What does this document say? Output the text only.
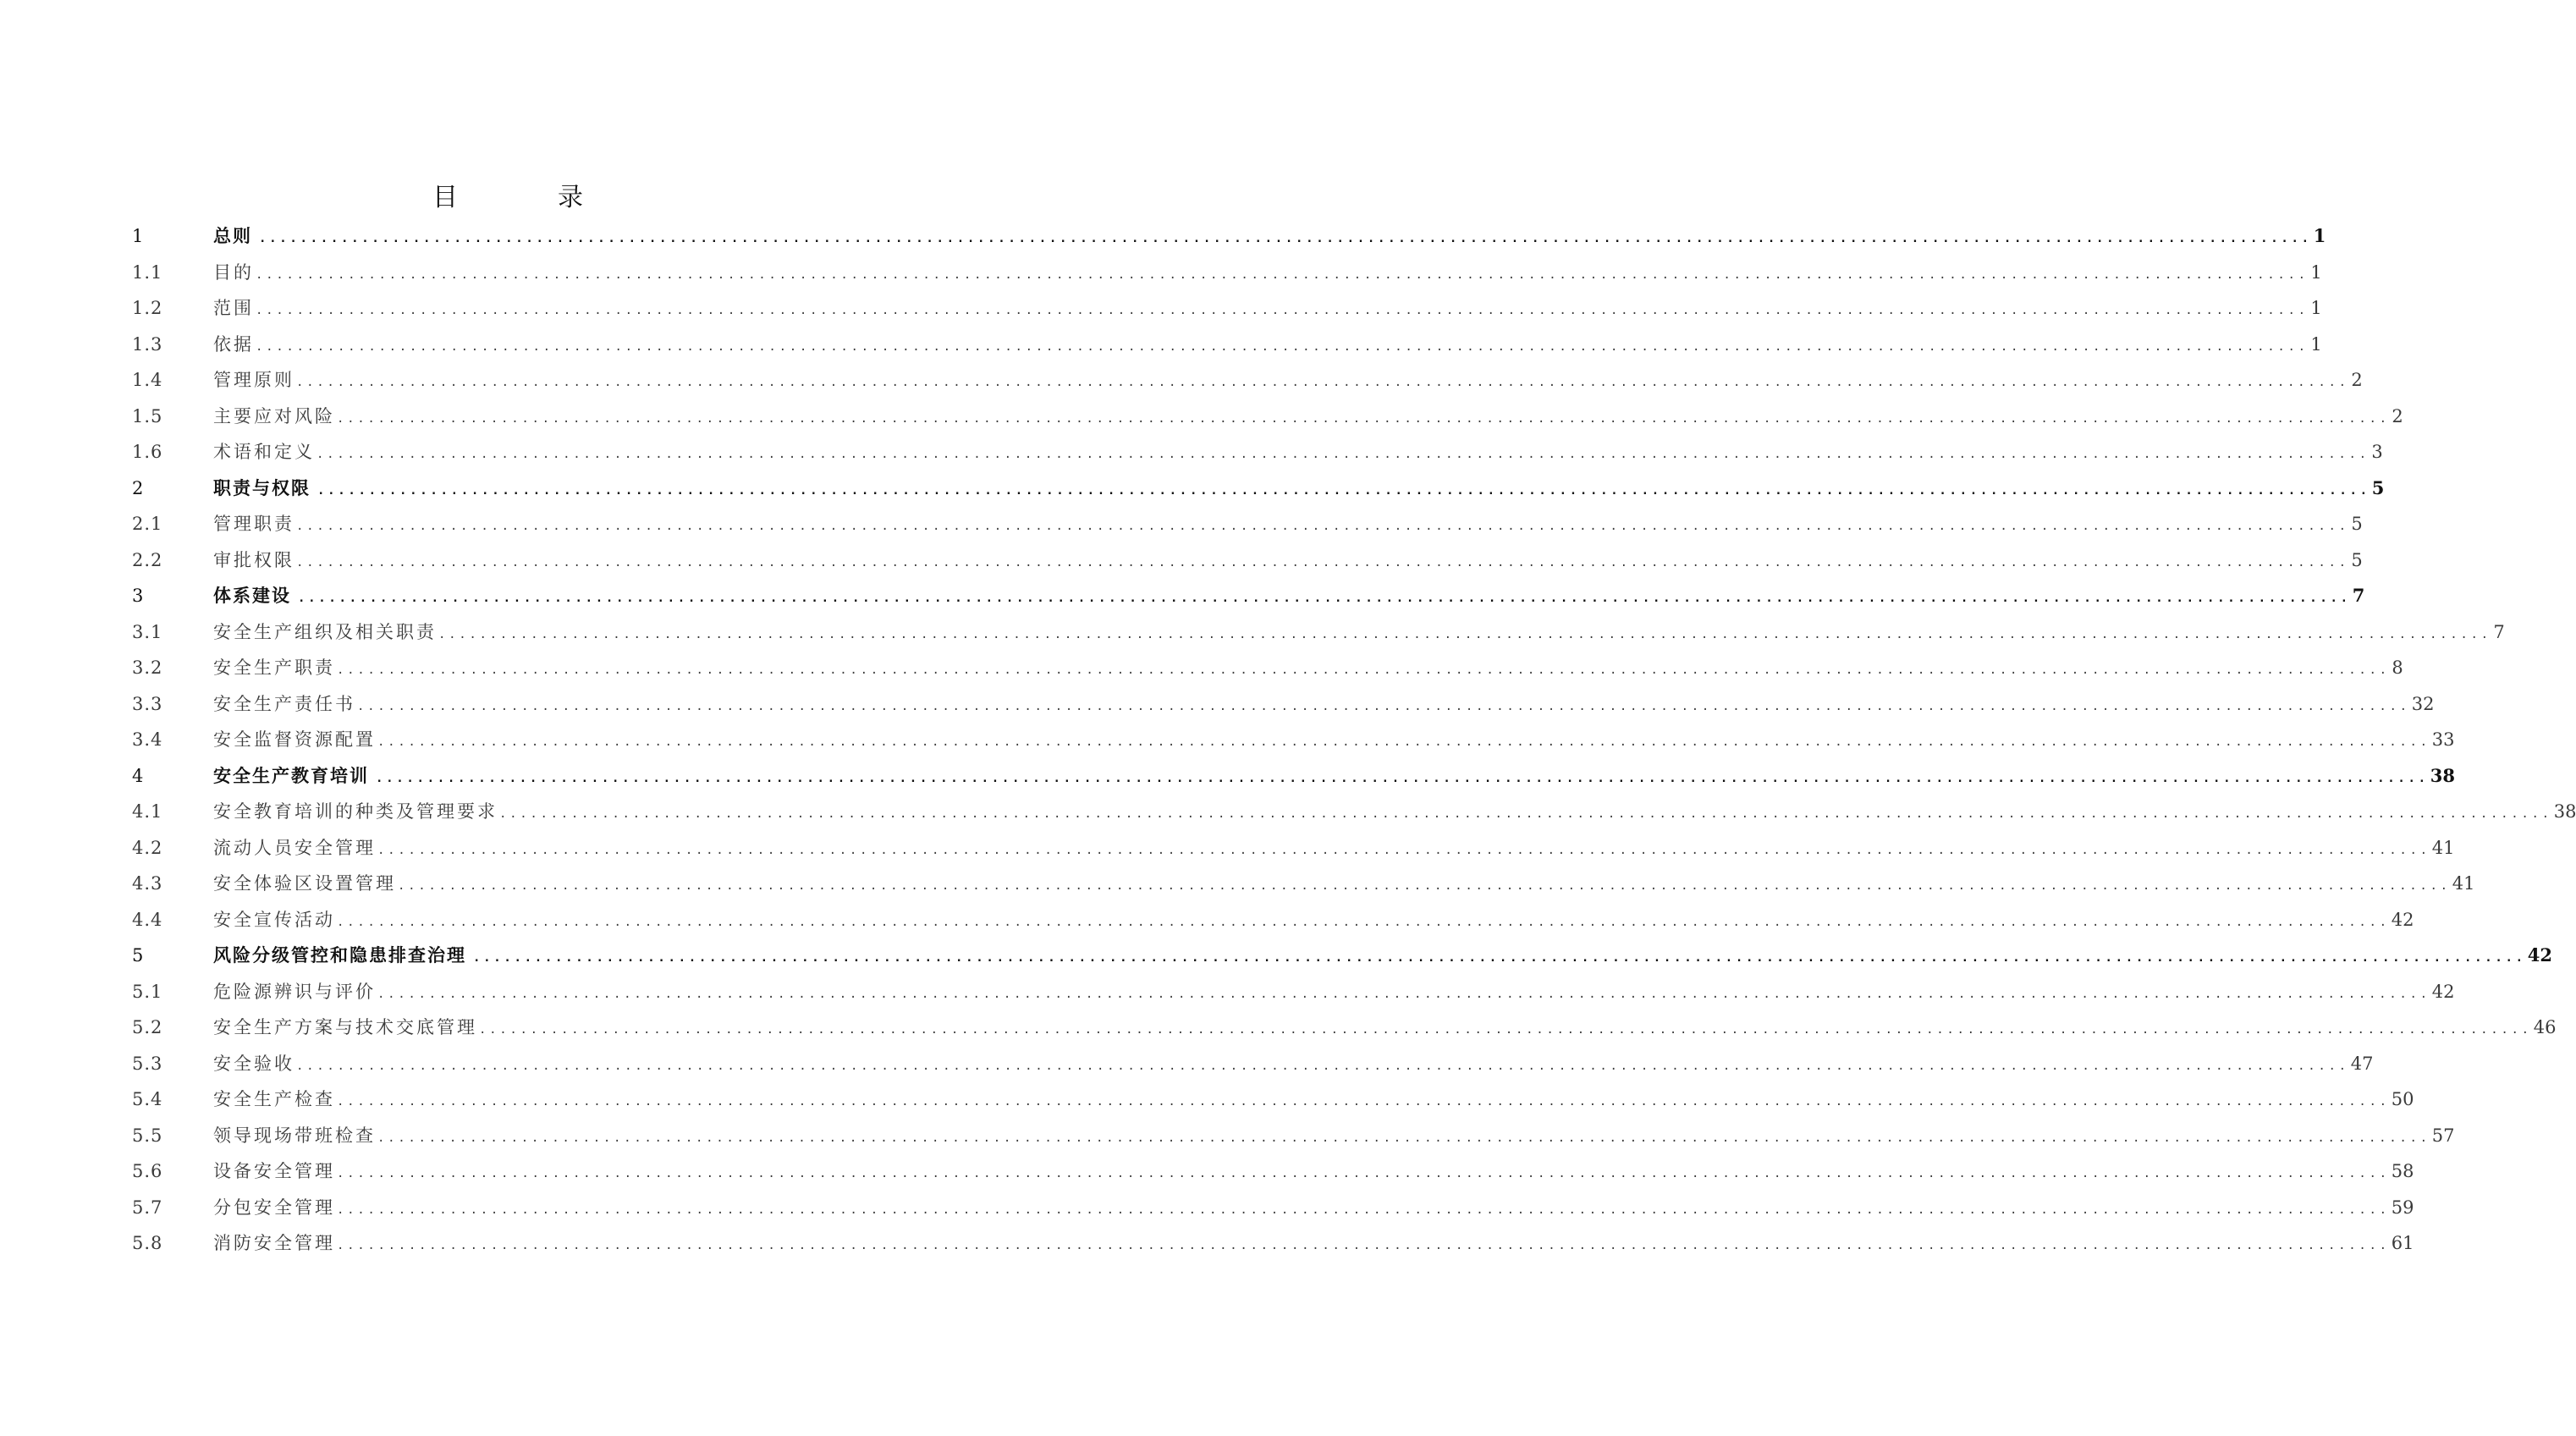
目　录
1	总则 ........................................................................................................................................................................................................ 1
1.1	目的 ........................................................................................................................................................................................................ 1
1.2	范围 ........................................................................................................................................................................................................ 1
1.3	依据 ........................................................................................................................................................................................................ 1
1.4	管理原则 ........................................................................................................................................................................................................ 2
1.5	主要应对风险 ........................................................................................................................................................................................................ 2
1.6	术语和定义 ........................................................................................................................................................................................................ 3
2	职责与权限 ........................................................................................................................................................................................................ 5
2.1	管理职责 ........................................................................................................................................................................................................ 5
2.2	审批权限 ........................................................................................................................................................................................................ 5
3	体系建设 ........................................................................................................................................................................................................ 7
3.1	安全生产组织及相关职责 ........................................................................................................................................................................................................ 7
3.2	安全生产职责 ........................................................................................................................................................................................................ 8
3.3	安全生产责任书 ........................................................................................................................................................................................................ 32
3.4	安全监督资源配置 ........................................................................................................................................................................................................ 33
4	安全生产教育培训 ........................................................................................................................................................................................................ 38
4.1	安全教育培训的种类及管理要求 ........................................................................................................................................................................................................ 38
4.2	流动人员安全管理 ........................................................................................................................................................................................................ 41
4.3	安全体验区设置管理 ........................................................................................................................................................................................................ 41
4.4	安全宣传活动 ........................................................................................................................................................................................................ 42
5	风险分级管控和隐患排查治理 ........................................................................................................................................................................................................ 42
5.1	危险源辨识与评价 ........................................................................................................................................................................................................ 42
5.2	安全生产方案与技术交底管理 ........................................................................................................................................................................................................ 46
5.3	安全验收 ........................................................................................................................................................................................................ 47
5.4	安全生产检查 ........................................................................................................................................................................................................ 50
5.5	领导现场带班检查 ........................................................................................................................................................................................................ 57
5.6	设备安全管理 ........................................................................................................................................................................................................ 58
5.7	分包安全管理 ........................................................................................................................................................................................................ 59
5.8	消防安全管理 ........................................................................................................................................................................................................ 61
